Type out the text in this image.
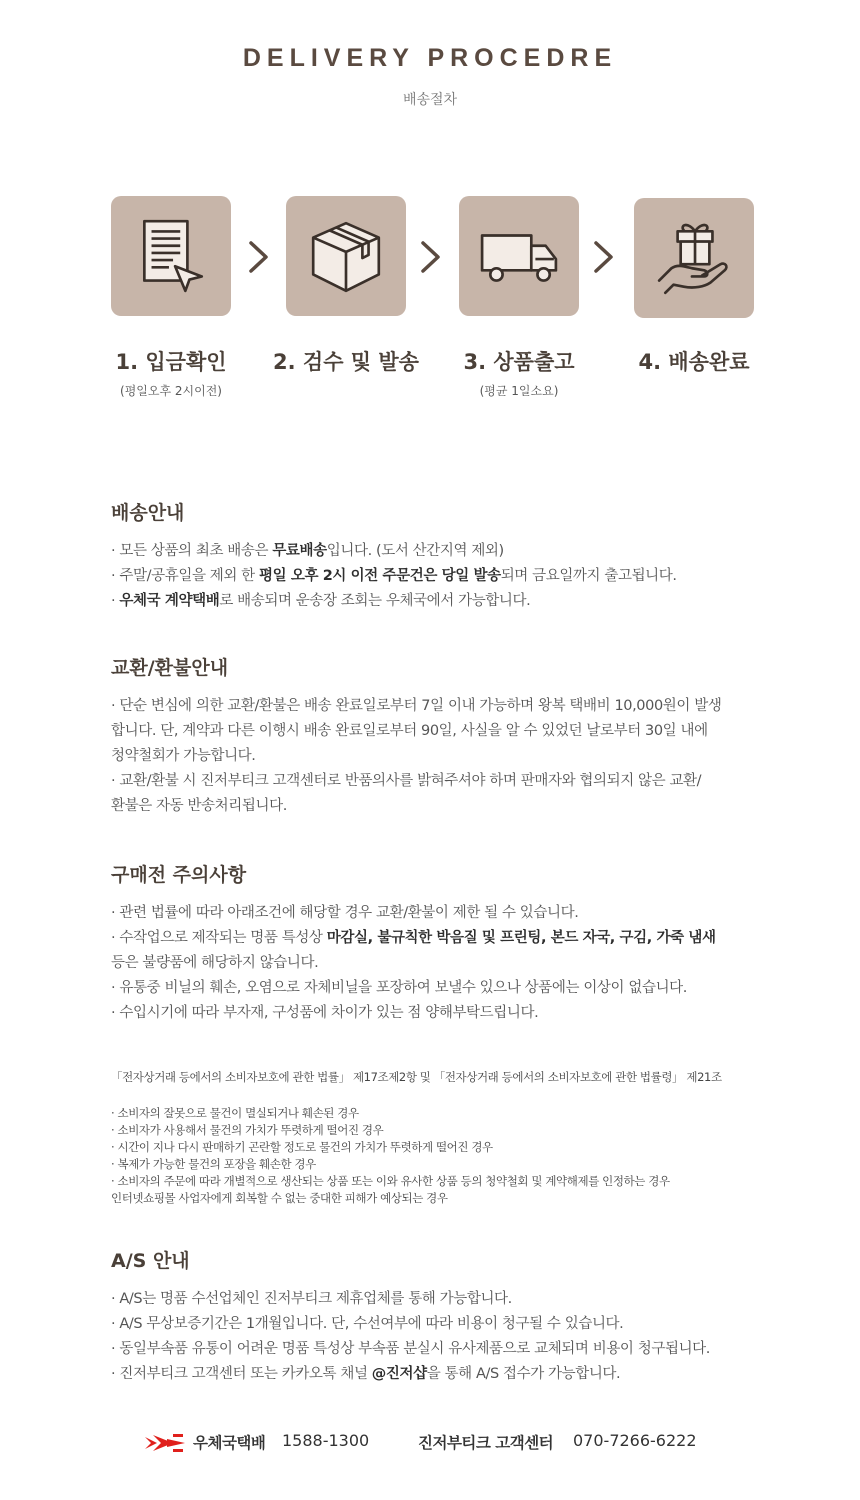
DELIVERY PROCEDRE
배송절차
1. 입금확인
(평일오후 2시이전)
2. 검수 및 발송	3. 상품출고
(평균 1일소요)
4. 배송완료
배송안내

· 모든 상품의 최초 배송은 무료배송입니다. (도서 산간지역 제외)

· 주말/공휴일을 제외 한 평일 오후 2시 이전 주문건은 당일 발송되며 금요일까지 출고됩니다.

· 우체국 계약택배로 배송되며 운송장 조회는 우체국에서 가능합니다.

교환/환불안내

· 단순 변심에 의한 교환/환불은 배송 완료일로부터 7일 이내 가능하며 왕복 택배비 10,000원이 발생

합니다. 단, 계약과 다른 이행시 배송 완료일로부터 90일, 사실을 알 수 있었던 날로부터 30일 내에

청약철회가 가능합니다.

· 교환/환불 시 진저부티크 고객센터로 반품의사를 밝혀주셔야 하며 판매자와 협의되지 않은 교환/

환불은 자동 반송처리됩니다.

구매전 주의사항

· 관련 법률에 따라 아래조건에 해당할 경우 교환/환불이 제한 될 수 있습니다.

· 수작업으로 제작되는 명품 특성상 마감실, 불규칙한 박음질 및 프린팅, 본드 자국, 구김, 가죽 냄새

등은 불량품에 해당하지 않습니다.

· 유통중 비닐의 훼손, 오염으로 자체비닐을 포장하여 보낼수 있으나 상품에는 이상이 없습니다.

· 수입시기에 따라 부자재, 구성품에 차이가 있는 점 양해부탁드립니다.

「전자상거래 등에서의 소비자보호에 관한 법률」 제17조제2항 및 「전자상거래 등에서의 소비자보호에 관한 법률령」 제21조
· 소비자의 잘못으로 물건이 멸실되거나 훼손된 경우
· 소비자가 사용해서 물건의 가치가 뚜렷하게 떨어진 경우
· 시간이 지나 다시 판매하기 곤란할 정도로 물건의 가치가 뚜렷하게 떨어진 경우
· 복제가 가능한 물건의 포장을 훼손한 경우
· 소비자의 주문에 따라 개별적으로 생산되는 상품 또는 이와 유사한 상품 등의 청약철회 및 계약해제를 인정하는 경우
인터넷쇼핑몰 사업자에게 회복할 수 없는 중대한 피해가 예상되는 경우
A/S 안내

· A/S는 명품 수선업체인 진저부티크 제휴업체를 통해 가능합니다.

· A/S 무상보증기간은 1개월입니다. 단, 수선여부에 따라 비용이 청구될 수 있습니다.

· 동일부속품 유통이 어려운 명품 특성상 부속품 분실시 유사제품으로 교체되며 비용이 청구됩니다.

· 진저부티크 고객센터 또는 카카오톡 채널 @진저샵을 통해 A/S 접수가 가능합니다.

우체국택배 1588-1300	진저부티크 고객센터 070-7266-6222
